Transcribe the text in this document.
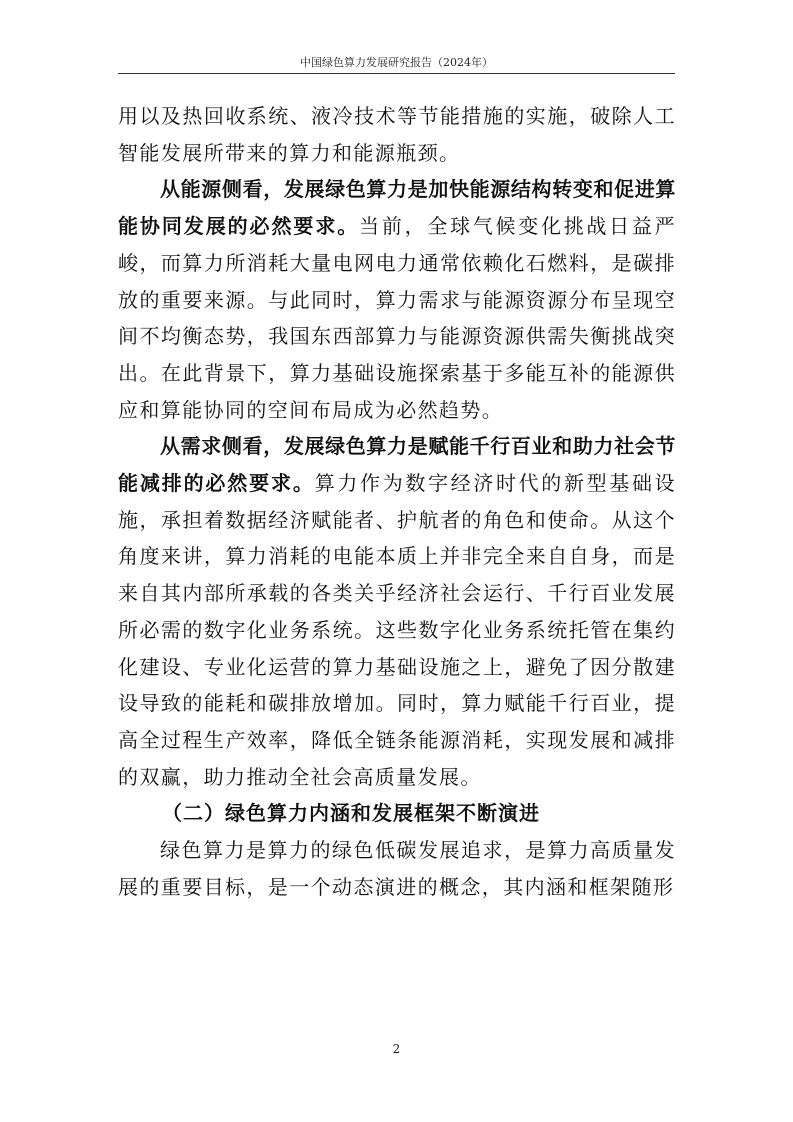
中国绿色算力发展研究报告（2024年）

用以及热回收系统、液冷技术等节能措施的实施，破除人工智能发展所带来的算力和能源瓶颈。

从能源侧看，发展绿色算力是加快能源结构转变和促进算能协同发展的必然要求。当前，全球气候变化挑战日益严峻，而算力所消耗大量电网电力通常依赖化石燃料，是碳排放的重要来源。与此同时，算力需求与能源资源分布呈现空间不均衡态势，我国东西部算力与能源资源供需失衡挑战突出。在此背景下，算力基础设施探索基于多能互补的能源供应和算能协同的空间布局成为必然趋势。

从需求侧看，发展绿色算力是赋能千行百业和助力社会节能减排的必然要求。算力作为数字经济时代的新型基础设施，承担着数据经济赋能者、护航者的角色和使命。从这个角度来讲，算力消耗的电能本质上并非完全来自自身，而是来自其内部所承载的各类关乎经济社会运行、千行百业发展所必需的数字化业务系统。这些数字化业务系统托管在集约化建设、专业化运营的算力基础设施之上，避免了因分散建设导致的能耗和碳排放增加。同时，算力赋能千行百业，提高全过程生产效率，降低全链条能源消耗，实现发展和减排的双赢，助力推动全社会高质量发展。

（二）绿色算力内涵和发展框架不断演进

绿色算力是算力的绿色低碳发展追求，是算力高质量发展的重要目标，是一个动态演进的概念，其内涵和框架随形

2
